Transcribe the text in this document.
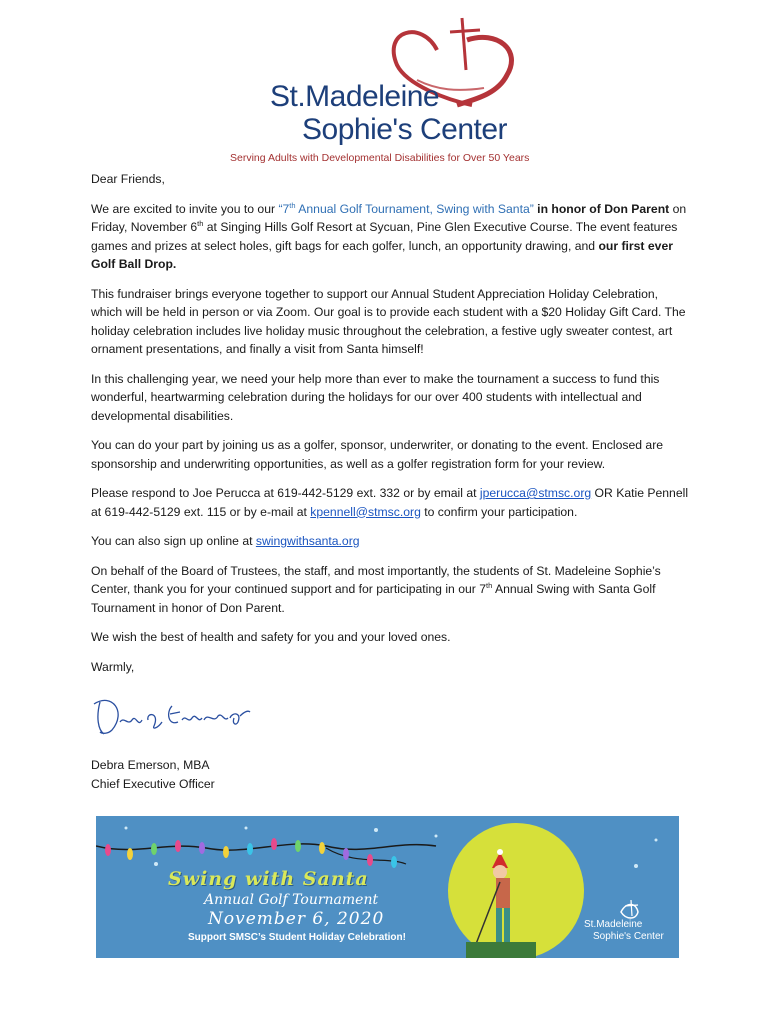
St.Madeleine
Sophie's Center
Serving Adults with Developmental Disabilities for Over 50 Years

Dear Friends,

We are excited to invite you to our “7th Annual Golf Tournament, Swing with Santa” in honor of Don Parent on Friday, November 6th at Singing Hills Golf Resort at Sycuan, Pine Glen Executive Course. The event features games and prizes at select holes, gift bags for each golfer, lunch, an opportunity drawing, and our first ever Golf Ball Drop.

This fundraiser brings everyone together to support our Annual Student Appreciation Holiday Celebration, which will be held in person or via Zoom. Our goal is to provide each student with a $20 Holiday Gift Card. The holiday celebration includes live holiday music throughout the celebration, a festive ugly sweater contest, art ornament presentations, and finally a visit from Santa himself!

In this challenging year, we need your help more than ever to make the tournament a success to fund this wonderful, heartwarming celebration during the holidays for our over 400 students with intellectual and developmental disabilities.

You can do your part by joining us as a golfer, sponsor, underwriter, or donating to the event. Enclosed are sponsorship and underwriting opportunities, as well as a golfer registration form for your review.

Please respond to Joe Perucca at 619-442-5129 ext. 332 or by email at jperucca@stmsc.org OR Katie Pennell at 619-442-5129 ext. 115 or by e-mail at kpennell@stmsc.org to confirm your participation.

You can also sign up online at swingwithsanta.org

On behalf of the Board of Trustees, the staff, and most importantly, the students of St. Madeleine Sophie’s Center, thank you for your continued support and for participating in our 7th Annual Swing with Santa Golf Tournament in honor of Don Parent.

We wish the best of health and safety for you and your loved ones.

Warmly,

Debra Emerson, MBA
Chief Executive Officer
Swing with Santa
Annual Golf Tournament
November 6, 2020
Support SMSC’s Student Holiday Celebration!
St.Madeleine
Sophie's Center
